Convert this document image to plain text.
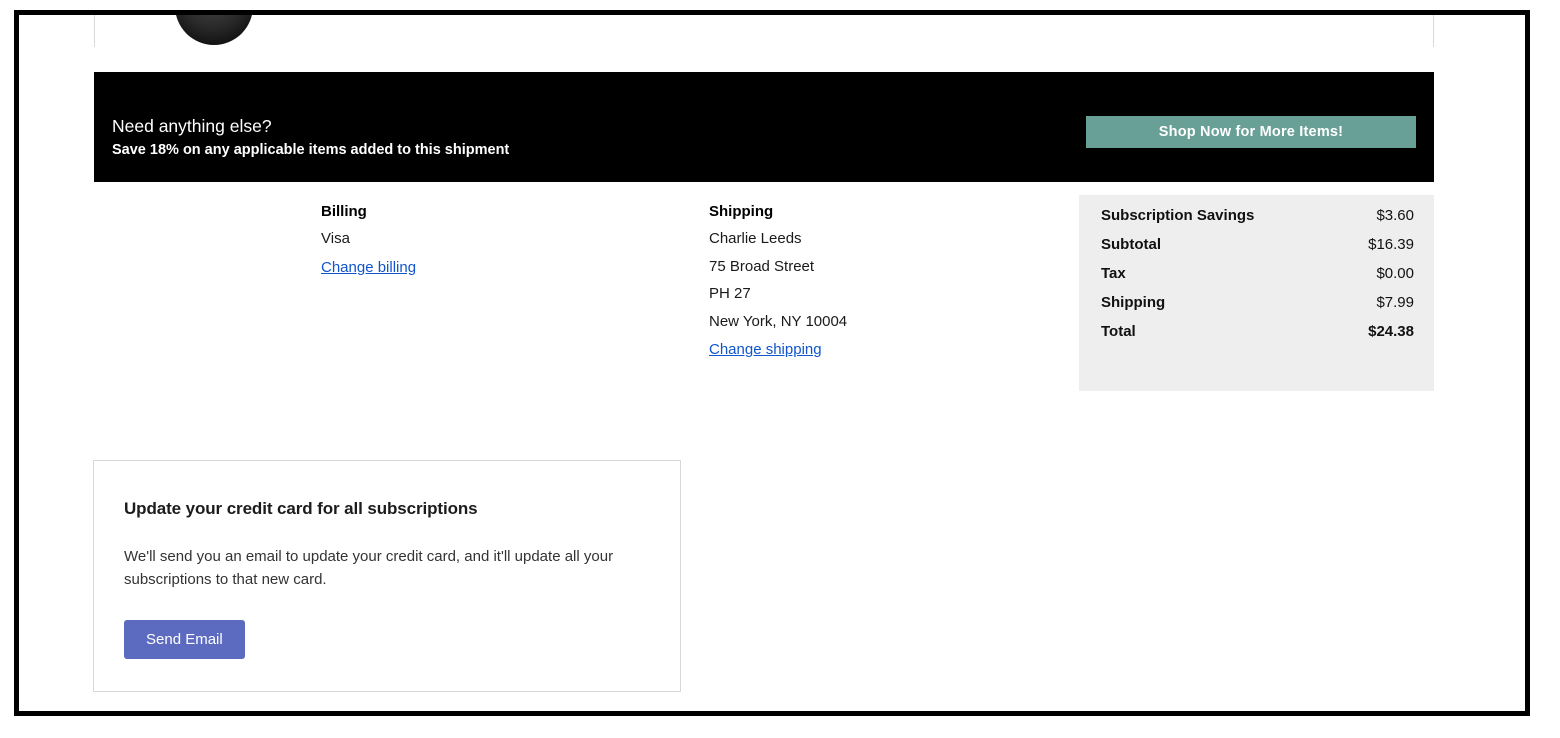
Need anything else?
Save 18% on any applicable items added to this shipment
Shop Now for More Items!
Billing
Visa
Change billing
Shipping
Charlie Leeds
75 Broad Street
PH 27
New York, NY 10004
Change shipping
Subscription Savings	$3.60
Subtotal	$16.39
Tax	$0.00
Shipping	$7.99
Total	$24.38
Update your credit card for all subscriptions
We'll send you an email to update your credit card, and it'll update all your subscriptions to that new card.
Send Email
